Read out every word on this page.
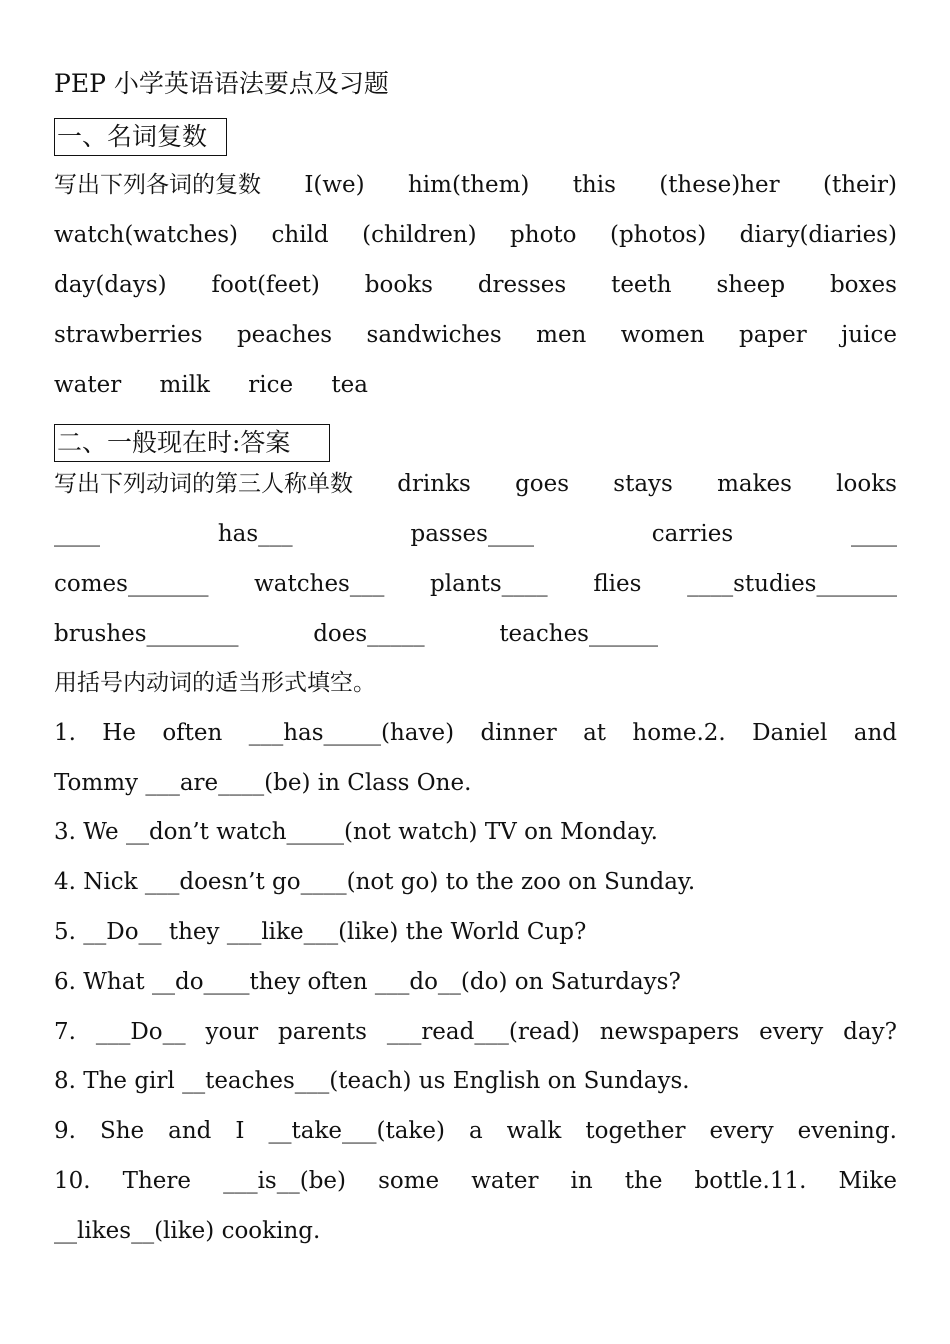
PEP 小学英语语法要点及习题
一、名词复数
写出下列各词的复数 I(we) him(them) this (these)her (their)
watch(watches) child (children) photo (photos) diary(diaries)
day(days) foot(feet) books dresses teeth sheep boxes
strawberries peaches sandwiches men women paper juice
water milk rice tea
二、一般现在时:答案
写出下列动词的第三人称单数 drinks goes stays makes looks
____	has___	passes____	carries	____
comes_______ watches___ plants____ flies ____studies_______
brushes________	does_____	teaches______
用括号内动词的适当形式填空。
1. He often ___has_____(have) dinner at home.2. Daniel and
Tommy ___are____(be) in Class One.
3. We __don’t watch_____(not watch) TV on Monday.
4. Nick ___doesn’t go____(not go) to the zoo on Sunday.
5. __Do__ they ___like___(like) the World Cup?
6. What __do____they often ___do__(do) on Saturdays?
7. ___Do__ your parents ___read___(read) newspapers every day?
8. The girl __teaches___(teach) us English on Sundays.
9. She and I __take___(take) a walk together every evening.
10. There ___is__(be) some water in the bottle.11. Mike
__likes__(like) cooking.
